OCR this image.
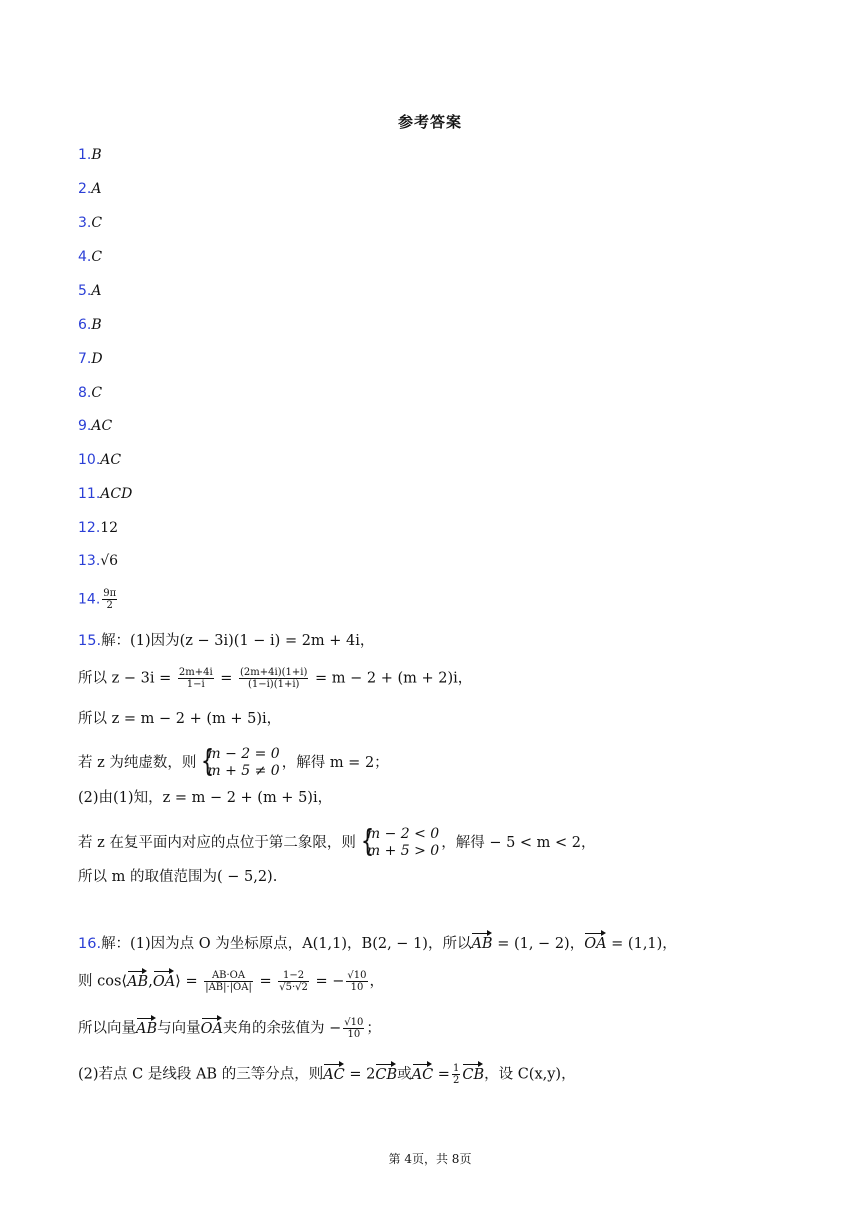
参考答案
1.B
2.A
3.C
4.C
5.A
6.B
7.D
8.C
9.AC
10.AC
11.ACD
12.12
13.√6
14. $\frac{9\pi}{2}$
15.解：(1)因为(z − 3i)(1 − i) = 2m + 4i，
所以 $z - 3i = \frac{2m+4i}{1-i} = \frac{(2m+4i)(1+i)}{(1-i)(1+i)} = m - 2 + (m + 2)i$，
所以 z = m − 2 + (m + 5)i，
若 z 为纯虚数，则 {
m − 2 = 0
m + 5 ≠ 0 ，解得 m = 2；
(2)由(1)知，z = m − 2 + (m + 5)i，
若 z 在复平面内对应的点位于第二象限，则 {
m − 2 < 0
m + 5 > 0 ，解得 − 5 < m < 2，
所以 m 的取值范围为( − 5,2).
16.解：(1)因为点 O 为坐标原点，A(1,1)，B(2, − 1)，所以AB = (1, − 2)，OA = (1,1)，
则 cos⟨AB,OA⟩ = $\frac{AB\cdot OA}{|AB|\cdot|OA|} = \frac{1-2}{√5\cdot√2}$ = − $\frac{√10}{10}$ ，
所以向量AB与向量OA夹角的余弦值为 − $\frac{√10}{10}$ ；
(2)若点 C 是线段 AB 的三等分点，则AC = 2CB或AC = $\frac{1}{2}$ CB，设 C(x,y)，
第 4页，共 8页
